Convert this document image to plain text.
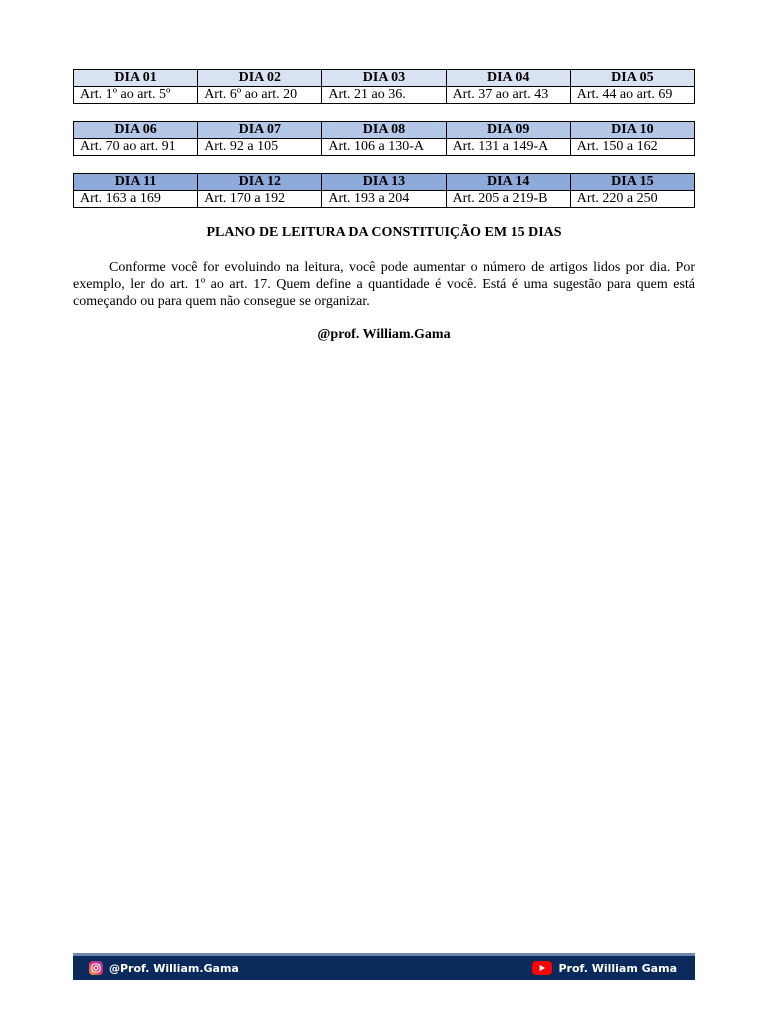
DIA 01	DIA 02	DIA 03	DIA 04	DIA 05
Art. 1º ao art. 5º	Art. 6º ao art. 20	Art. 21 ao 36.	Art. 37 ao art. 43	Art. 44 ao art. 69
DIA 06	DIA 07	DIA 08	DIA 09	DIA 10
Art. 70 ao art. 91	Art. 92 a 105	Art. 106 a 130-A	Art. 131 a 149-A	Art. 150 a 162
DIA 11	DIA 12	DIA 13	DIA 14	DIA 15
Art. 163 a 169	Art. 170 a 192	Art. 193 a 204	Art. 205 a 219-B	Art. 220 a 250
PLANO DE LEITURA DA CONSTITUIÇÃO EM 15 DIAS

Conforme você for evoluindo na leitura, você pode aumentar o número de artigos lidos por dia. Por exemplo, ler do art. 1º ao art. 17. Quem define a quantidade é você. Está é uma sugestão para quem está começando ou para quem não consegue se organizar.

@prof. William.Gama
@Prof. William.Gama	Prof. William Gama
